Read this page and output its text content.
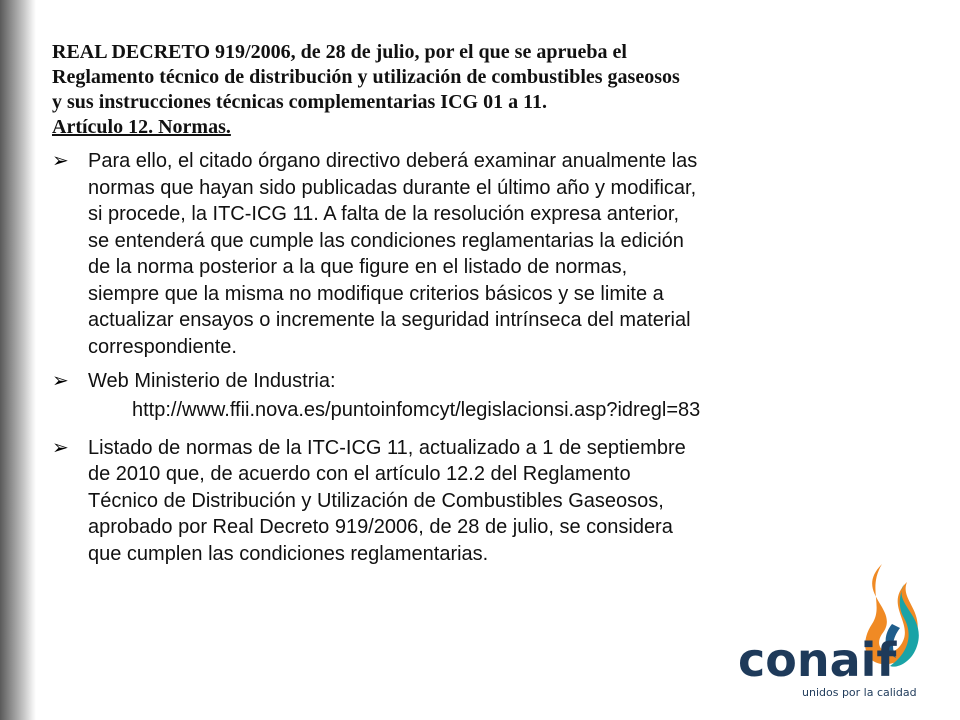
REAL DECRETO 919/2006, de 28 de julio, por el que se aprueba el
Reglamento técnico de distribución y utilización de combustibles gaseosos
y sus instrucciones técnicas complementarias ICG 01 a 11.
Artículo 12. Normas.
➢ Para ello, el citado órgano directivo deberá examinar anualmente las
normas que hayan sido publicadas durante el último año y modificar,
si procede, la ITC-ICG 11. A falta de la resolución expresa anterior,
se entenderá que cumple las condiciones reglamentarias la edición
de la norma posterior a la que figure en el listado de normas,
siempre que la misma no modifique criterios básicos y se limite a
actualizar ensayos o incremente la seguridad intrínseca del material
correspondiente.
➢ Web Ministerio de Industria:
http://www.ffii.nova.es/puntoinfomcyt/legislacionsi.asp?idregl=83
➢ Listado de normas de la ITC-ICG 11, actualizado a 1 de septiembre
de 2010 que, de acuerdo con el artículo 12.2 del Reglamento
Técnico de Distribución y Utilización de Combustibles Gaseosos,
aprobado por Real Decreto 919/2006, de 28 de julio, se considera
que cumplen las condiciones reglamentarias.
conaif
unidos por la calidad
